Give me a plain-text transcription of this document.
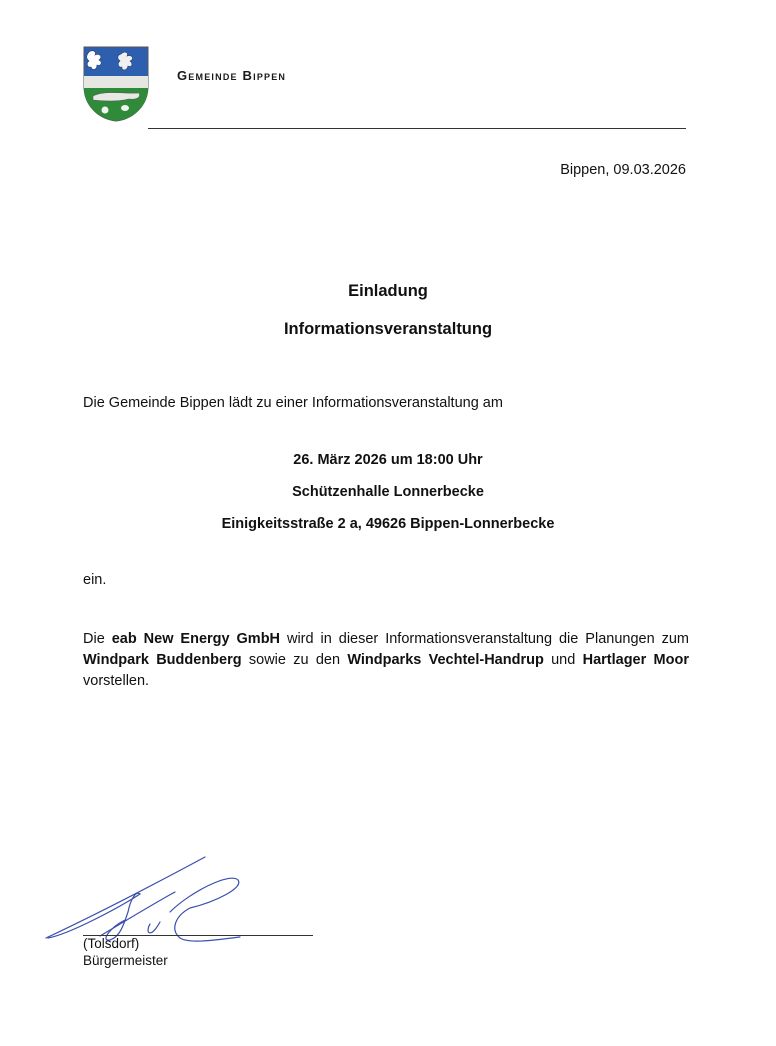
Gemeinde Bippen
Bippen, 09.03.2026
Einladung
Informationsveranstaltung
Die Gemeinde Bippen lädt zu einer Informationsveranstaltung am
26. März 2026 um 18:00 Uhr
Schützenhalle Lonnerbecke
Einigkeitsstraße 2 a, 49626 Bippen-Lonnerbecke
ein.
Die eab New Energy GmbH wird in dieser Informationsveranstaltung die Planungen zum Windpark Buddenberg sowie zu den Windparks Vechtel-Handrup und Hartlager Moor vorstellen.
(Tolsdorf)
Bürgermeister
